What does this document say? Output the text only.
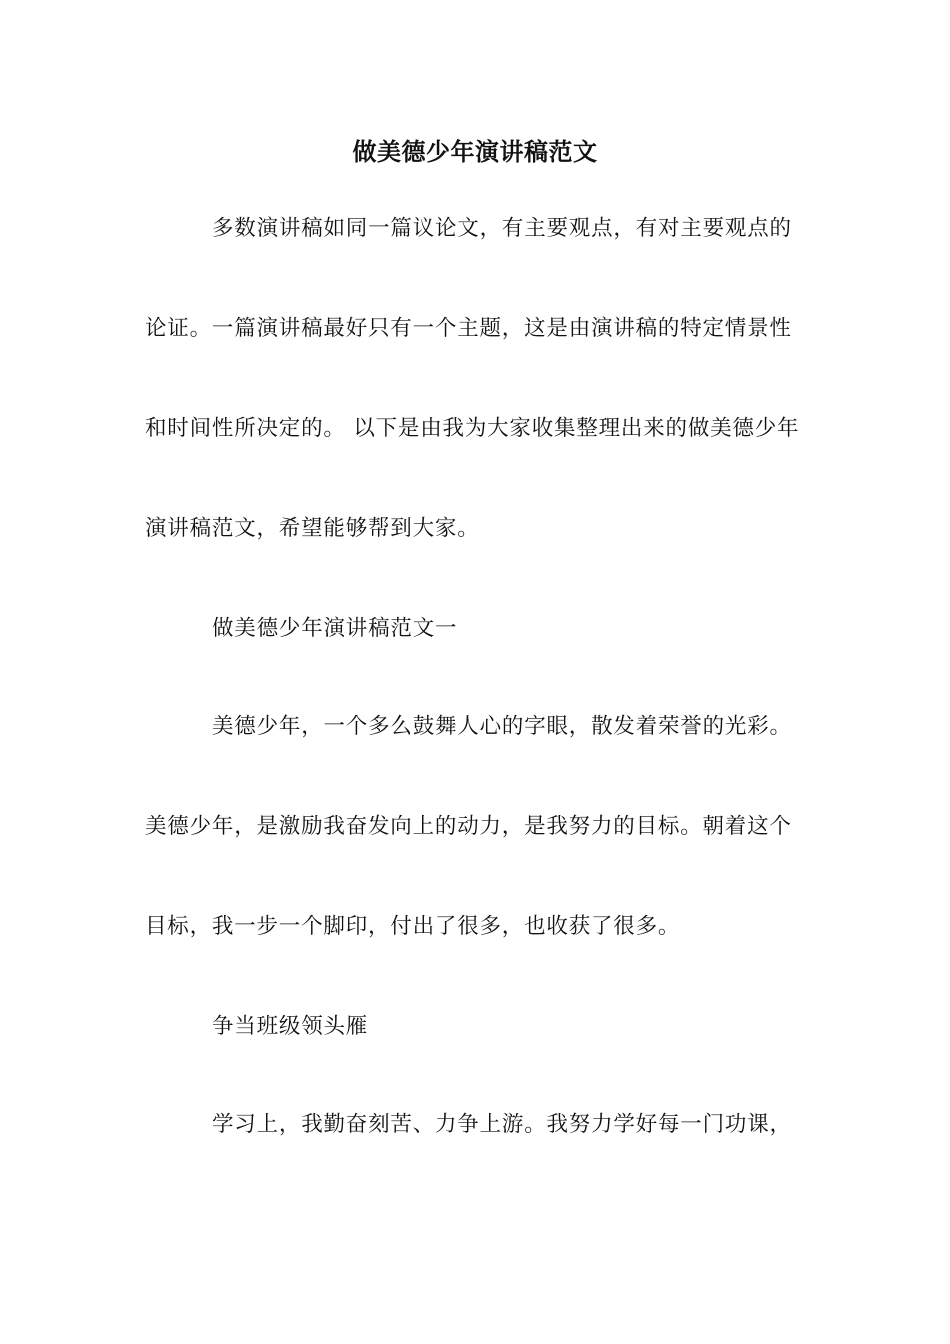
做美德少年演讲稿范文
多数演讲稿如同一篇议论文，有主要观点，有对主要观点的
论证。一篇演讲稿最好只有一个主题，这是由演讲稿的特定情景性
和时间性所决定的。 以下是由我为大家收集整理出来的做美德少年
演讲稿范文，希望能够帮到大家。
做美德少年演讲稿范文一
美德少年，一个多么鼓舞人心的字眼，散发着荣誉的光彩。
美德少年，是激励我奋发向上的动力，是我努力的目标。朝着这个
目标，我一步一个脚印，付出了很多，也收获了很多。
争当班级领头雁
学习上，我勤奋刻苦、力争上游。我努力学好每一门功课，
